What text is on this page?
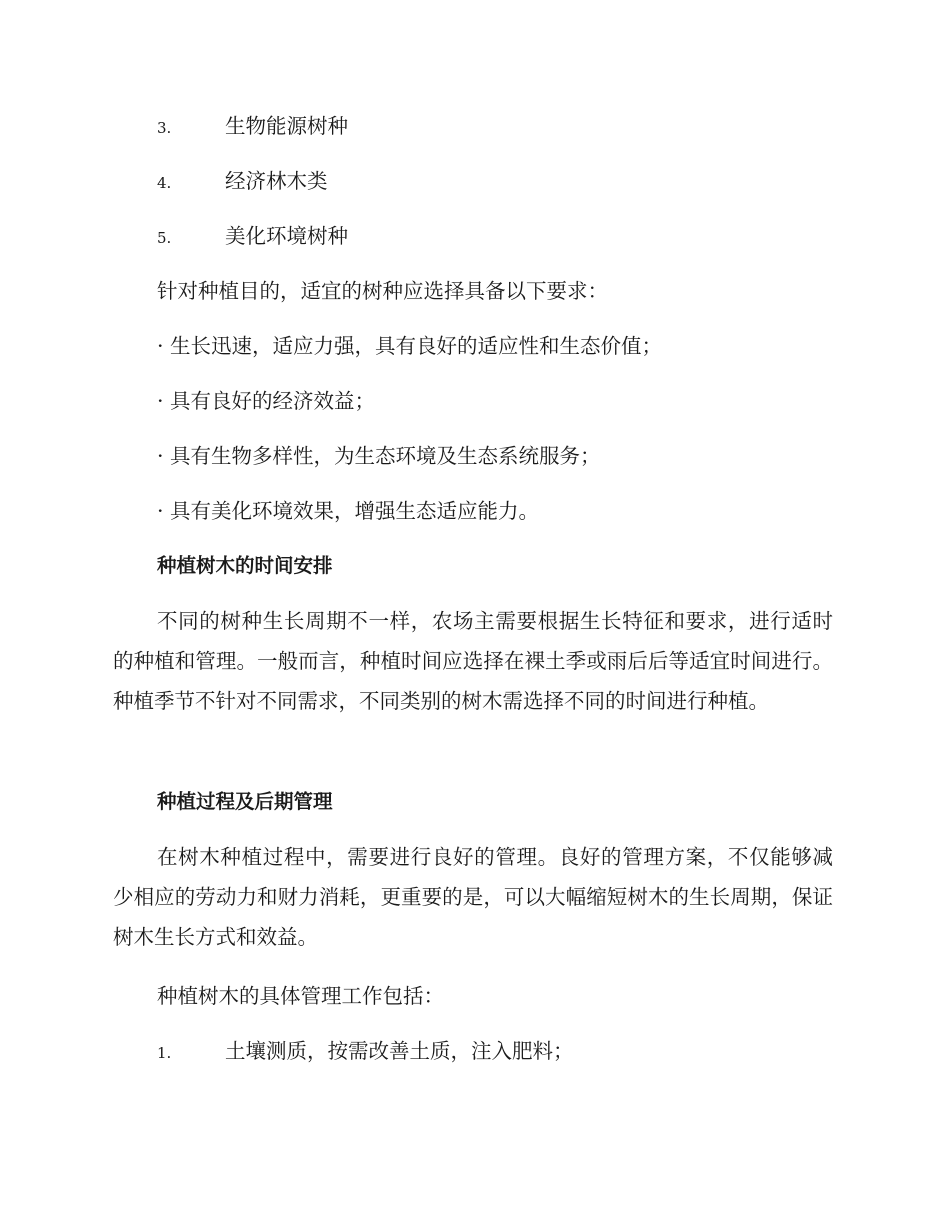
3.	生物能源树种

4.	经济林木类

5.	美化环境树种

针对种植目的，适宜的树种应选择具备以下要求：

· 生长迅速，适应力强，具有良好的适应性和生态价值；

· 具有良好的经济效益；

· 具有生物多样性，为生态环境及生态系统服务；

· 具有美化环境效果，增强生态适应能力。

种植树木的时间安排

不同的树种生长周期不一样，农场主需要根据生长特征和要求，进行适时的种植和管理。一般而言，种植时间应选择在裸土季或雨后后等适宜时间进行。种植季节不针对不同需求，不同类别的树木需选择不同的时间进行种植。

种植过程及后期管理

在树木种植过程中，需要进行良好的管理。良好的管理方案，不仅能够减少相应的劳动力和财力消耗，更重要的是，可以大幅缩短树木的生长周期，保证树木生长方式和效益。

种植树木的具体管理工作包括：

1.	土壤测质，按需改善土质，注入肥料；
